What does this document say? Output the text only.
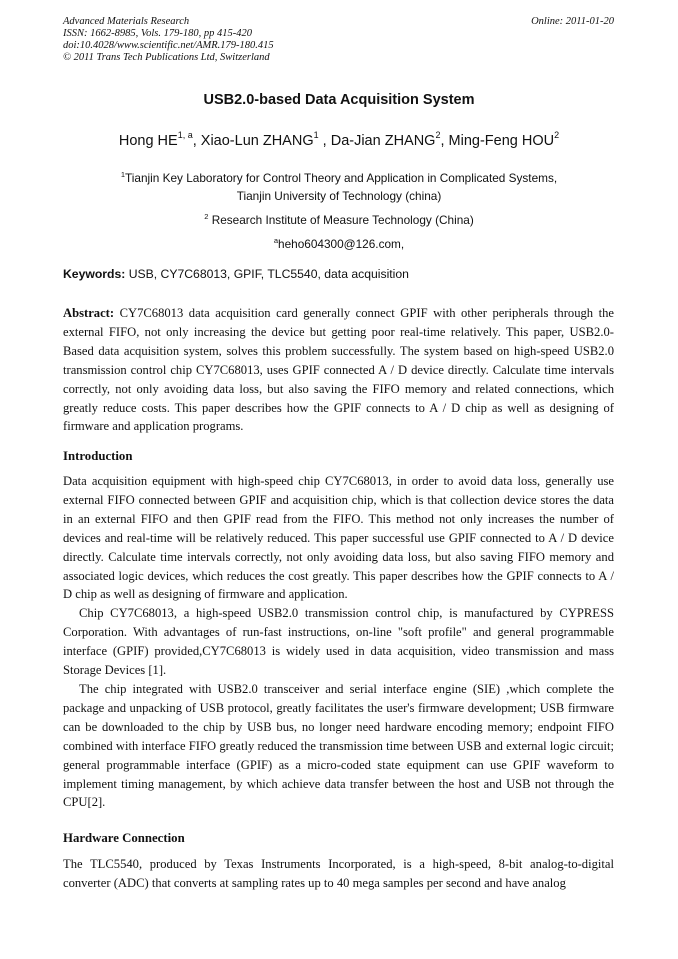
Advanced Materials Research
ISSN: 1662-8985, Vols. 179-180, pp 415-420
doi:10.4028/www.scientific.net/AMR.179-180.415
© 2011 Trans Tech Publications Ltd, Switzerland
Online: 2011-01-20
USB2.0-based Data Acquisition System
Hong HE$^{1, a}$, Xiao-Lun ZHANG$^1$ , Da-Jian ZHANG$^2$, Ming-Feng HOU$^2$
$^1$Tianjin Key Laboratory for Control Theory and Application in Complicated Systems,
Tianjin University of Technology (china)
$^2$ Research Institute of Measure Technology (China)
$^a$heho604300@126.com,
Keywords: USB, CY7C68013, GPIF, TLC5540, data acquisition
Abstract: CY7C68013 data acquisition card generally connect GPIF with other peripherals through the external FIFO, not only increasing the device but getting poor real-time relatively. This paper, USB2.0-Based data acquisition system, solves this problem successfully. The system based on high-speed USB2.0 transmission control chip CY7C68013, uses GPIF connected A / D device directly. Calculate time intervals correctly, not only avoiding data loss, but also saving the FIFO memory and related connections, which greatly reduce costs. This paper describes how the GPIF connects to A / D chip as well as designing of firmware and application programs.
Introduction

Data acquisition equipment with high-speed chip CY7C68013, in order to avoid data loss, generally use external FIFO connected between GPIF and acquisition chip, which is that collection device stores the data in an external FIFO and then GPIF read from the FIFO. This method not only increases the number of devices and real-time will be relatively reduced. This paper successful use GPIF connected to A / D device directly. Calculate time intervals correctly, not only avoiding data loss, but also saving FIFO memory and associated logic devices, which reduces the cost greatly. This paper describes how the GPIF connects to A / D chip as well as designing of firmware and application.

Chip CY7C68013, a high-speed USB2.0 transmission control chip, is manufactured by CYPRESS Corporation. With advantages of run-fast instructions, on-line "soft profile" and general programmable interface (GPIF) provided,CY7C68013 is widely used in data acquisition, video transmission and mass Storage Devices [1].

The chip integrated with USB2.0 transceiver and serial interface engine (SIE) ,which complete the package and unpacking of USB protocol, greatly facilitates the user's firmware development; USB firmware can be downloaded to the chip by USB bus, no longer need hardware encoding memory; endpoint FIFO combined with interface FIFO greatly reduced the transmission time between USB and external logic circuit; general programmable interface (GPIF) as a micro-coded state equipment can use GPIF waveform to implement timing management, by which achieve data transfer between the host and USB not through the CPU[2].

Hardware Connection

The TLC5540, produced by Texas Instruments Incorporated, is a high-speed, 8-bit analog-to-digital converter (ADC) that converts at sampling rates up to 40 mega samples per second and have analog
